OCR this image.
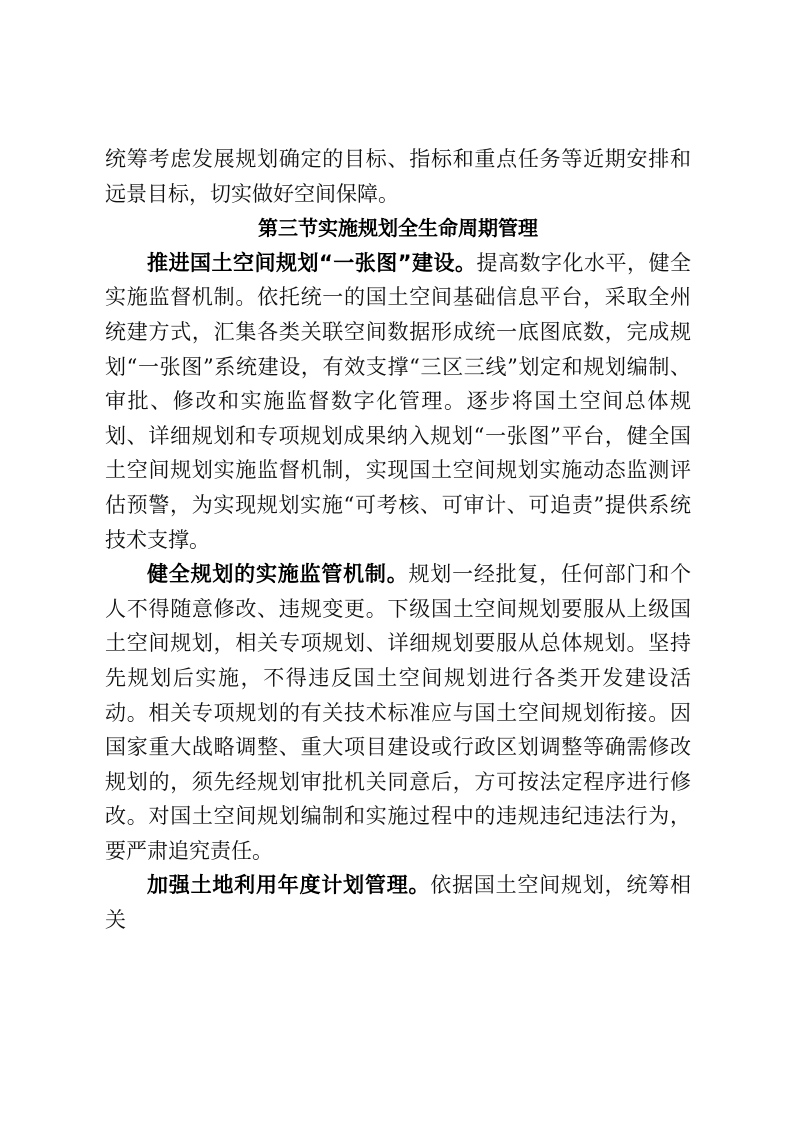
统筹考虑发展规划确定的目标、指标和重点任务等近期安排和远景目标，切实做好空间保障。

第三节实施规划全生命周期管理

推进国土空间规划“一张图”建设。提高数字化水平，健全实施监督机制。依托统一的国土空间基础信息平台，采取全州统建方式，汇集各类关联空间数据形成统一底图底数，完成规划“一张图”系统建设，有效支撑“三区三线”划定和规划编制、审批、修改和实施监督数字化管理。逐步将国土空间总体规划、详细规划和专项规划成果纳入规划“一张图”平台，健全国土空间规划实施监督机制，实现国土空间规划实施动态监测评估预警，为实现规划实施“可考核、可审计、可追责”提供系统技术支撑。

健全规划的实施监管机制。规划一经批复，任何部门和个人不得随意修改、违规变更。下级国土空间规划要服从上级国土空间规划，相关专项规划、详细规划要服从总体规划。坚持先规划后实施，不得违反国土空间规划进行各类开发建设活动。相关专项规划的有关技术标准应与国土空间规划衔接。因国家重大战略调整、重大项目建设或行政区划调整等确需修改规划的，须先经规划审批机关同意后，方可按法定程序进行修改。对国土空间规划编制和实施过程中的违规违纪违法行为，要严肃追究责任。

加强土地利用年度计划管理。依据国土空间规划，统筹相关
